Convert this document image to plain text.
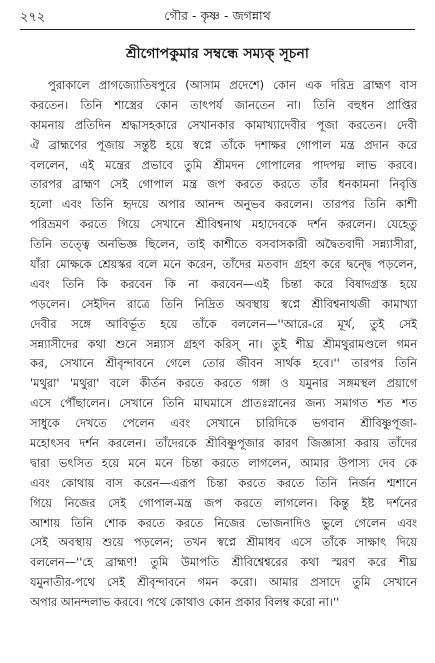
২৭২	গৌর - কৃষ্ণ - জগন্নাথ
শ্রীগোপকুমার সম্বন্ধে সম্যক্ সূচনা
পুরাকালে প্রাগজ্যোতিষপুরে (আসাম প্রদেশে) কোন এক দরিদ্র ব্রাহ্মণ বাস
করতেন। তিনি শাস্ত্রের কোন তাৎপর্য জানতেন না। তিনি বহুধন প্রাপ্তির
কামনায় প্রতিদিন শ্রদ্ধাসহকারে সেখানকার কামাখ্যাদেবীর পূজা করতেন। দেবী
ঐ ব্রাহ্মণের পূজায় সন্তুষ্ট হয়ে স্বপ্নে তাঁকে দশাক্ষর গোপাল মন্ত্র প্রদান করে
বললেন, এই মন্ত্রের প্রভাবে তুমি শ্রীমদন গোপালের পাদপদ্ম লাভ করবে।
তারপর ব্রাহ্মণ সেই গোপাল মন্ত্র জপ করতে করতে তাঁর ধনকামনা নিবৃত্তি
হলো এবং তিনি হৃদয়ে অপার আনন্দ অনুভব করলেন। তারপর তিনি কাশী
পরিভ্রমণ করতে গিয়ে সেখানে শ্রীবিশ্বনাথ মহাদেবকে দর্শন করলেন। যেহেতু
তিনি তত্ত্বে অনভিজ্ঞ ছিলেন, তাই কাশীতে বসবাসকারী অদ্বৈতবাদী সন্ন্যাসীরা,
যাঁরা মোক্ষকে শ্রেয়স্কর বলে মনে করেন, তাঁদের মতবাদ গ্রহণ করে দ্বন্দ্বে পড়লেন,
এবং তিনি কি করবেন কি না করবেন—এই চিন্তা করে বিষাদগ্রস্ত হয়ে
পড়লেন। সেইদিন রাত্রে তিনি নিদ্রিত অবস্থায় স্বপ্নে শ্রীবিশ্বনাথজী কামাখ্যা
দেবীর সঙ্গে আবির্ভূত হয়ে তাঁকে বললেন—''আরে-রে মূর্খ, তুই সেই
সন্ন্যাসীদের কথা শুনে সন্ন্যাস গ্রহণ করিস্ না। তুই শীঘ্র শ্রীমথুরামণ্ডলে গমন
কর, সেখানে শ্রীবৃন্দাবনে গেলে তোর জীবন সার্থক হবে।'' তারপর তিনি
'মথুরা' 'মথুরা' বলে কীর্তন করতে করতে গঙ্গা ও যমুনার সঙ্গমস্থল প্রয়াগে
এসে পৌঁছালেন। সেখানে তিনি মাঘমাসে প্রাতঃস্নানের জন্য সমাগত শত শত
সাধুকে দেখতে পেলেন এবং সেখানে চারিদিকে ভগবান শ্রীবিষ্ণুপূজা-
মহোৎসব দর্শন করলেন। তাঁদেরকে শ্রীবিষ্ণুপূজার কারণ জিজ্ঞাসা করায় তাঁদের
দ্বারা ভৎসিত হয়ে মনে মনে চিন্তা করতে লাগলেন, আমার উপাস্য দেব কে
এবং কোথায় বাস করেন—এরূপ চিন্তা করতে করতে তিনি নির্জন শ্মশানে
গিয়ে নিজের সেই গোপাল-মন্ত্র জপ করতে লাগলেন। কিন্তু ইষ্ট দর্শনের
আশায় তিনি শোক করতে করতে নিজের ভোজনাদিও ভুলে গেলেন এবং
সেই অবস্থায় শুয়ে পড়লেন; তখন স্বপ্নে শ্রীমাধব এসে তাঁকে সাক্ষাৎ দিয়ে
বললেন—''হে ব্রাহ্মণ! তুমি উমাপতি শ্রীবিশ্বেশ্বরের কথা স্মরণ করে শীঘ্র
যমুনাতীর-পথে সেই শ্রীবৃন্দাবনে গমন করো। আমার প্রসাদে তুমি সেখানে
অপার আনন্দলাভ করবে। পথে কোথাও কোন প্রকার বিলম্ব করো না।''
